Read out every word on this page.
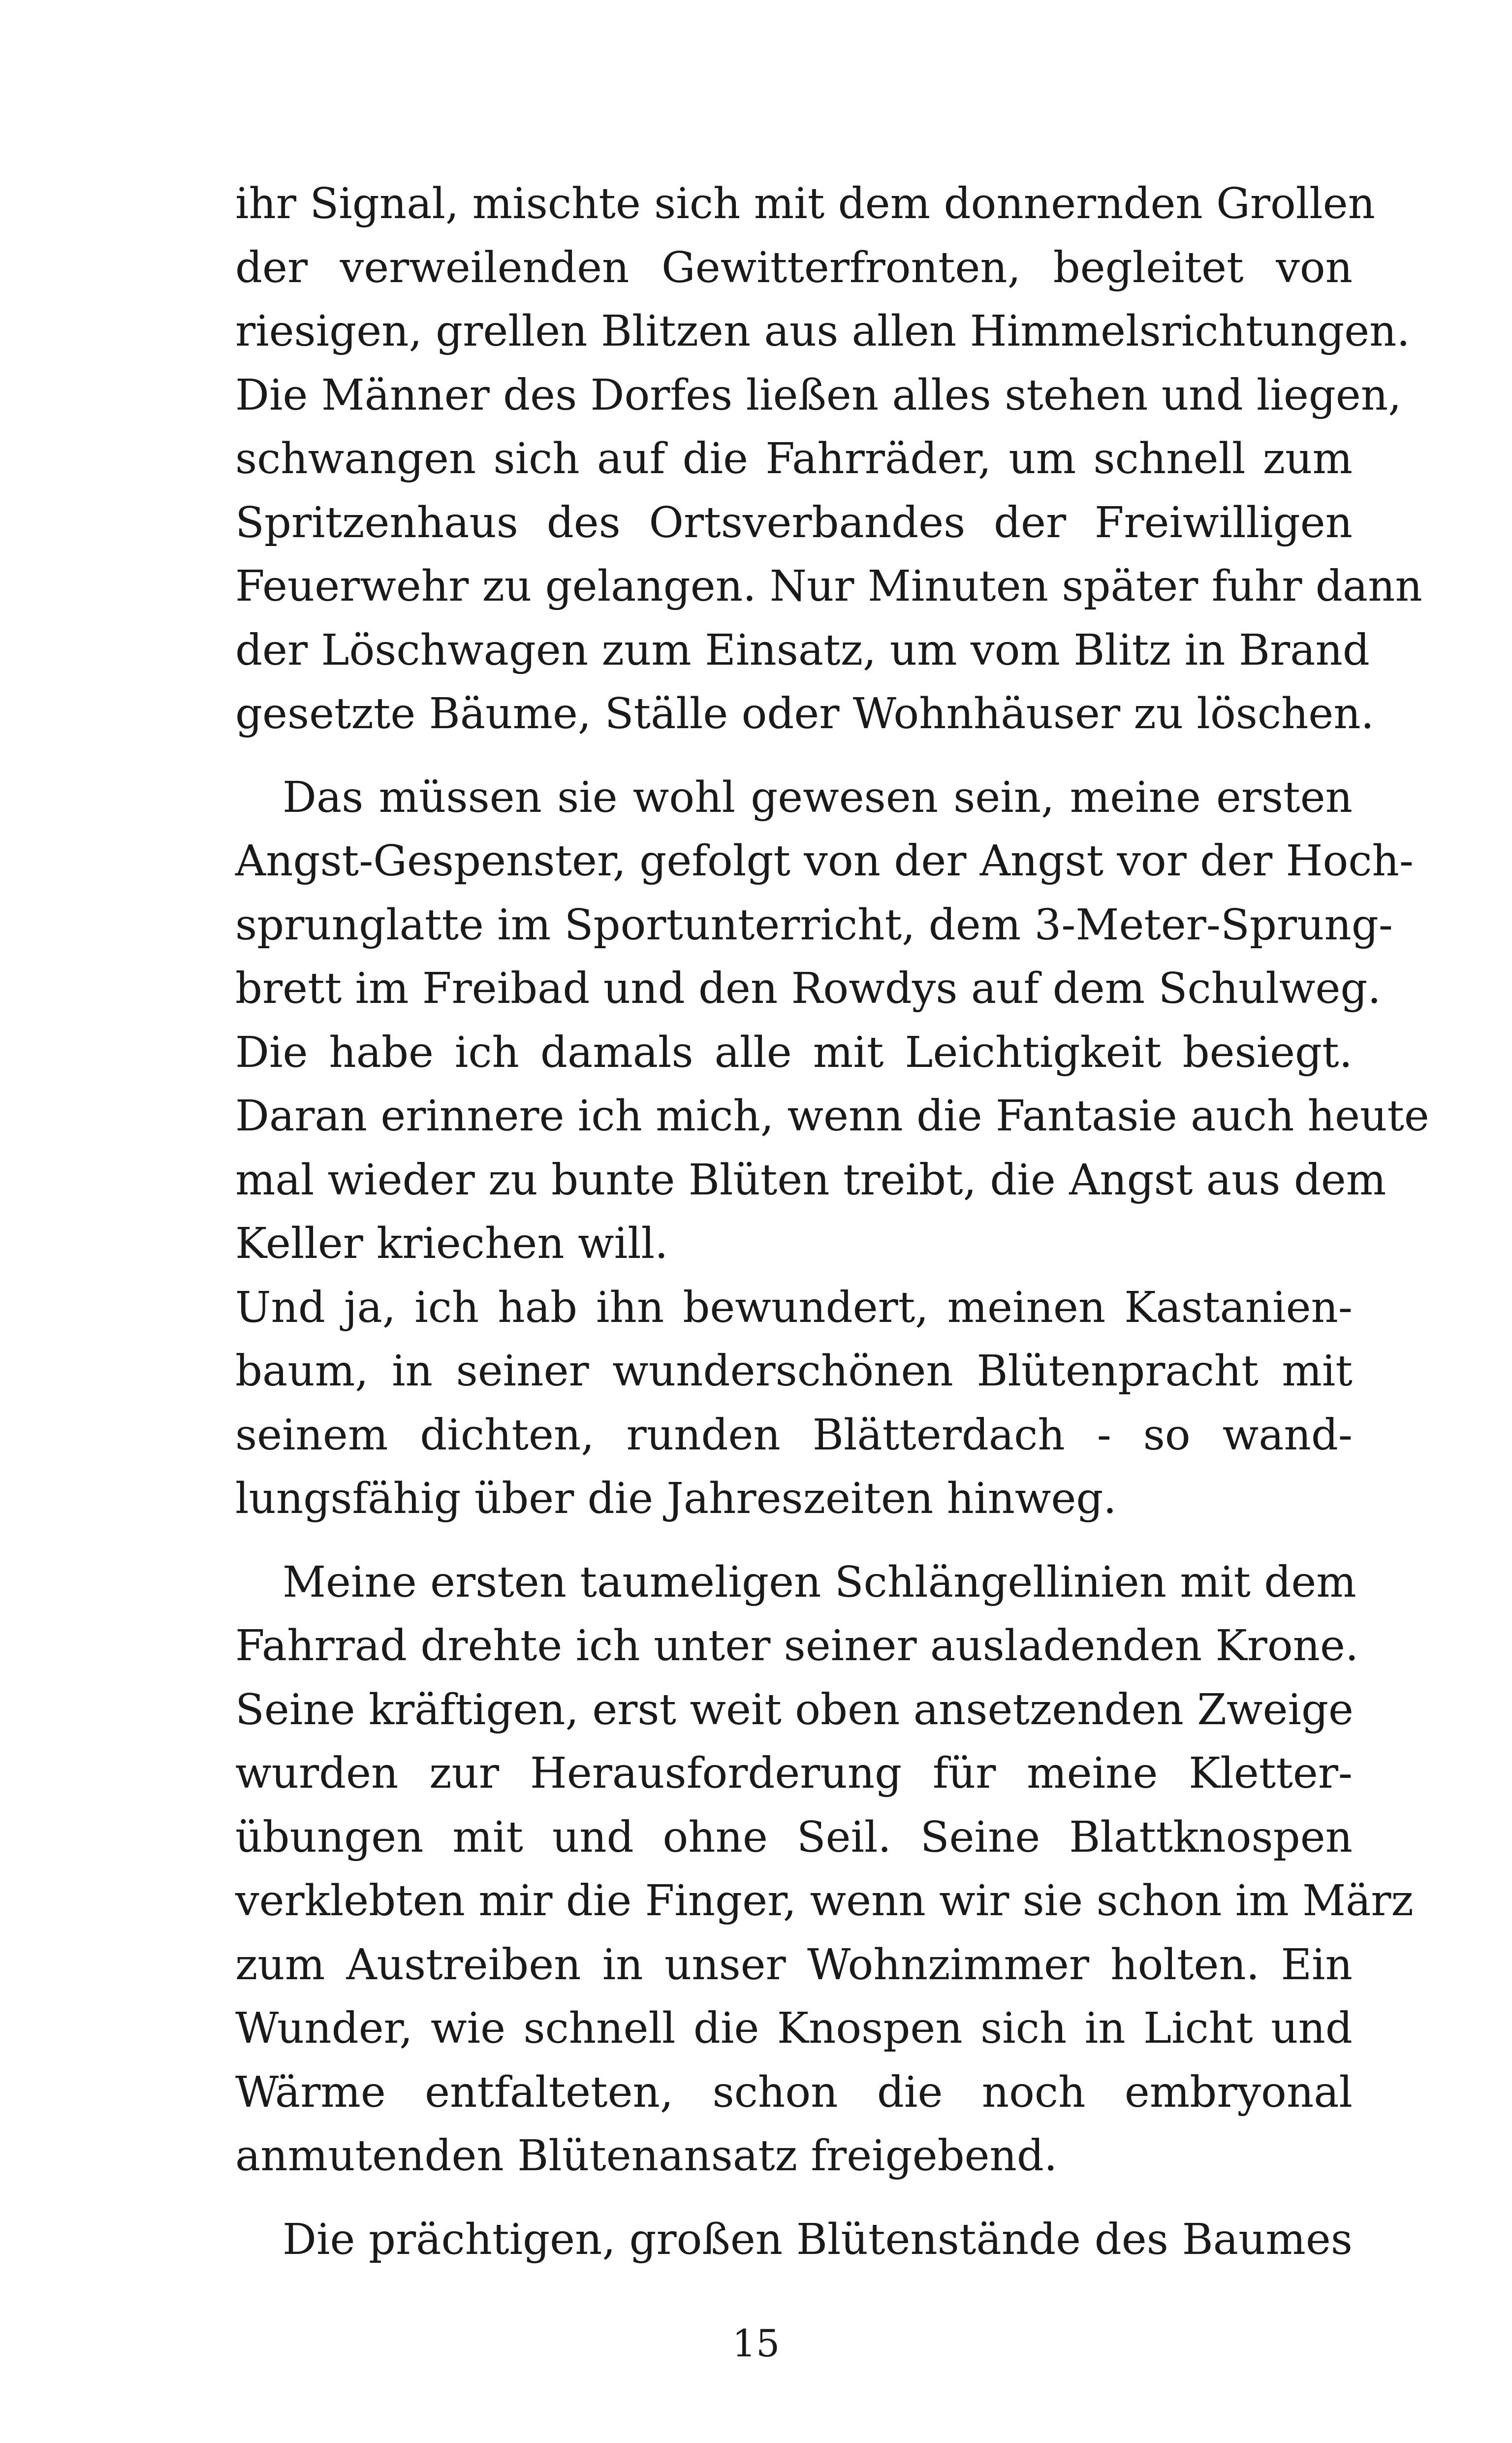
ihr Signal, mischte sich mit dem donnernden Grollen
der verweilenden Gewitterfronten, begleitet von
riesigen, grellen Blitzen aus allen Himmelsrichtungen.
Die Männer des Dorfes ließen alles stehen und liegen,
schwangen sich auf die Fahrräder, um schnell zum
Spritzenhaus des Ortsverbandes der Freiwilligen
Feuerwehr zu gelangen. Nur Minuten später fuhr dann
der Löschwagen zum Einsatz, um vom Blitz in Brand
gesetzte Bäume, Ställe oder Wohnhäuser zu löschen.
Das müssen sie wohl gewesen sein, meine ersten
Angst-Gespenster, gefolgt von der Angst vor der Hoch-
sprunglatte im Sportunterricht, dem 3-Meter-Sprung-
brett im Freibad und den Rowdys auf dem Schulweg.
Die habe ich damals alle mit Leichtigkeit besiegt.
Daran erinnere ich mich, wenn die Fantasie auch heute
mal wieder zu bunte Blüten treibt, die Angst aus dem
Keller kriechen will.
Und ja, ich hab ihn bewundert, meinen Kastanien-
baum, in seiner wunderschönen Blütenpracht mit
seinem dichten, runden Blätterdach - so wand-
lungsfähig über die Jahreszeiten hinweg.
Meine ersten taumeligen Schlängellinien mit dem
Fahrrad drehte ich unter seiner ausladenden Krone.
Seine kräftigen, erst weit oben ansetzenden Zweige
wurden zur Herausforderung für meine Kletter-
übungen mit und ohne Seil. Seine Blattknospen
verklebten mir die Finger, wenn wir sie schon im März
zum Austreiben in unser Wohnzimmer holten. Ein
Wunder, wie schnell die Knospen sich in Licht und
Wärme entfalteten, schon die noch embryonal
anmutenden Blütenansatz freigebend.
Die prächtigen, großen Blütenstände des Baumes
15
